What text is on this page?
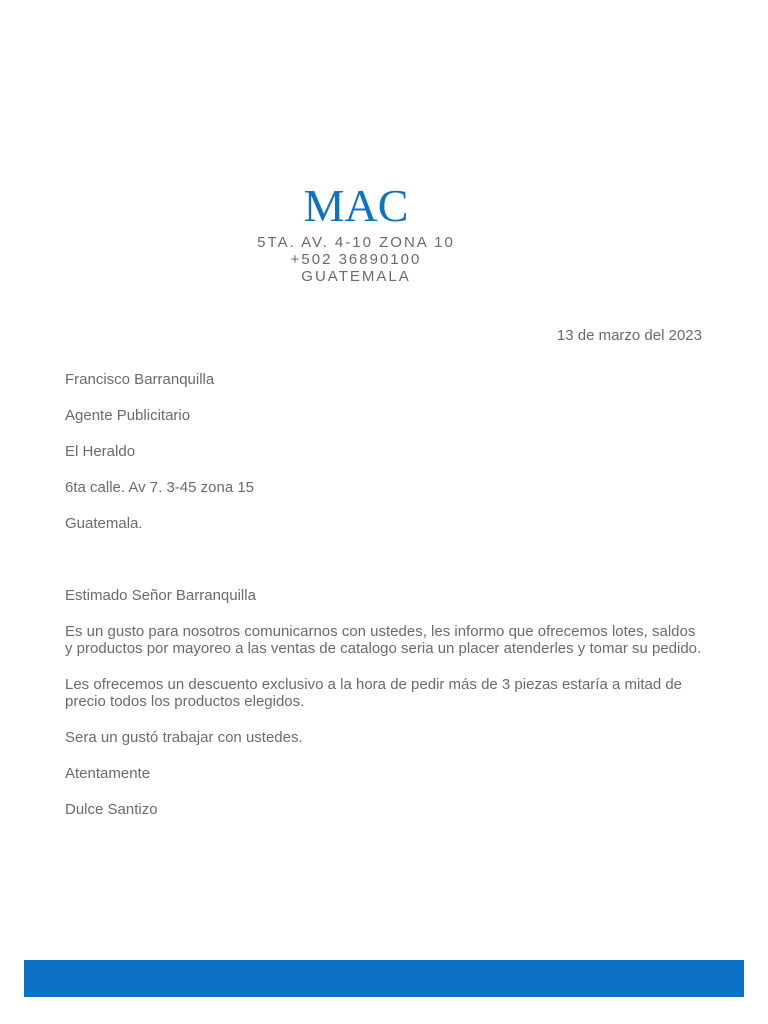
MAC
5TA. AV. 4-10 ZONA 10
+502 36890100
GUATEMALA
13 de marzo del 2023

Francisco Barranquilla

Agente Publicitario

El Heraldo

6ta calle. Av 7. 3-45 zona 15

Guatemala.

Estimado Señor Barranquilla

Es un gusto para nosotros comunicarnos con ustedes, les informo que ofrecemos lotes, saldos y productos por mayoreo a las ventas de catalogo seria un placer atenderles y tomar su pedido.

Les ofrecemos un descuento exclusivo a la hora de pedir más de 3 piezas estaría a mitad de precio todos los productos elegidos.

Sera un gustó trabajar con ustedes.

Atentamente

Dulce Santizo
